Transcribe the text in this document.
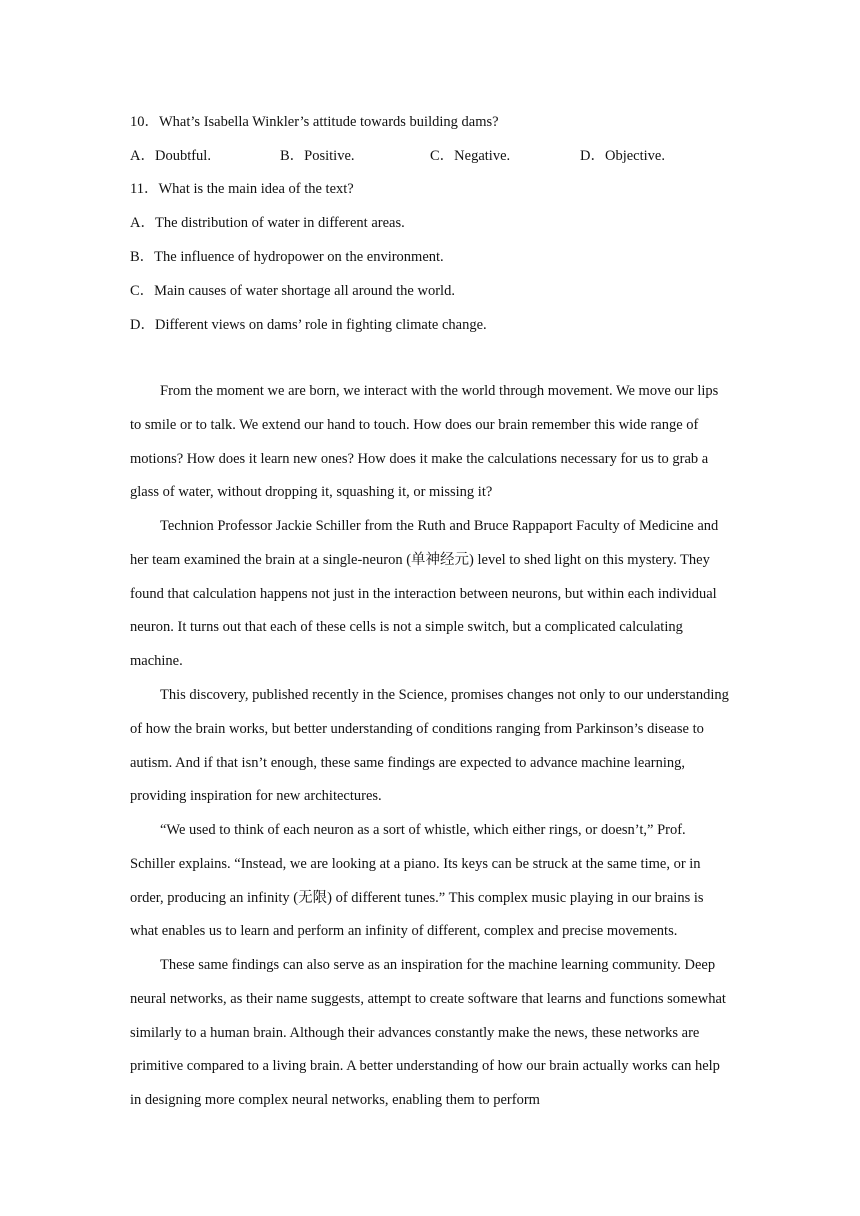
10．What’s Isabella Winkler’s attitude towards building dams?
A．Doubtful.	B．Positive.	C．Negative.	D．Objective.
11．What is the main idea of the text?
A．The distribution of water in different areas.
B．The influence of hydropower on the environment.
C．Main causes of water shortage all around the world.
D．Different views on dams’ role in fighting climate change.

From the moment we are born, we interact with the world through movement. We move our lips to smile or to talk. We extend our hand to touch. How does our brain remember this wide range of motions? How does it learn new ones? How does it make the calculations necessary for us to grab a glass of water, without dropping it, squashing it, or missing it?

Technion Professor Jackie Schiller from the Ruth and Bruce Rappaport Faculty of Medicine and her team examined the brain at a single-neuron (单神经元) level to shed light on this mystery. They found that calculation happens not just in the interaction between neurons, but within each individual neuron. It turns out that each of these cells is not a simple switch, but a complicated calculating machine.

This discovery, published recently in the Science, promises changes not only to our understanding of how the brain works, but better understanding of conditions ranging from Parkinson’s disease to autism. And if that isn’t enough, these same findings are expected to advance machine learning, providing inspiration for new architectures.

“We used to think of each neuron as a sort of whistle, which either rings, or doesn’t,” Prof. Schiller explains. “Instead, we are looking at a piano. Its keys can be struck at the same time, or in order, producing an infinity (无限) of different tunes.” This complex music playing in our brains is what enables us to learn and perform an infinity of different, complex and precise movements.

These same findings can also serve as an inspiration for the machine learning community. Deep neural networks, as their name suggests, attempt to create software that learns and functions somewhat similarly to a human brain. Although their advances constantly make the news, these networks are primitive compared to a living brain. A better understanding of how our brain actually works can help in designing more complex neural networks, enabling them to perform
